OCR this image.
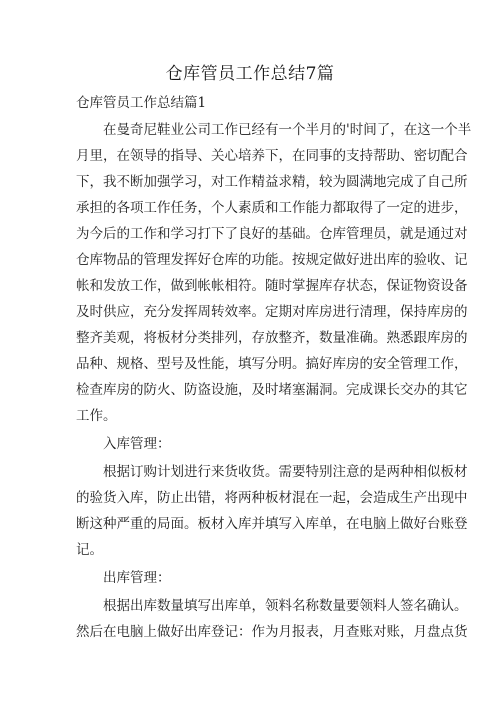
仓库管员工作总结7篇
仓库管员工作总结篇1
在曼奇尼鞋业公司工作已经有一个半月的'时间了，在这一个半
月里，在领导的指导、关心培养下，在同事的支持帮助、密切配合
下，我不断加强学习，对工作精益求精，较为圆满地完成了自己所
承担的各项工作任务，个人素质和工作能力都取得了一定的进步，
为今后的工作和学习打下了良好的基础。仓库管理员，就是通过对
仓库物品的管理发挥好仓库的功能。按规定做好进出库的验收、记
帐和发放工作，做到帐帐相符。随时掌握库存状态，保证物资设备
及时供应，充分发挥周转效率。定期对库房进行清理，保持库房的
整齐美观，将板材分类排列，存放整齐，数量准确。熟悉跟库房的
品种、规格、型号及性能，填写分明。搞好库房的安全管理工作，
检查库房的防火、防盗设施，及时堵塞漏洞。完成课长交办的其它
工作。
入库管理：
根据订购计划进行来货收货。需要特别注意的是两种相似板材
的验货入库，防止出错，将两种板材混在一起，会造成生产出现中
断这种严重的局面。板材入库并填写入库单，在电脑上做好台账登
记。
出库管理：
根据出库数量填写出库单，领料名称数量要领料人签名确认。
然后在电脑上做好出库登记：作为月报表，月查账对账，月盘点货
